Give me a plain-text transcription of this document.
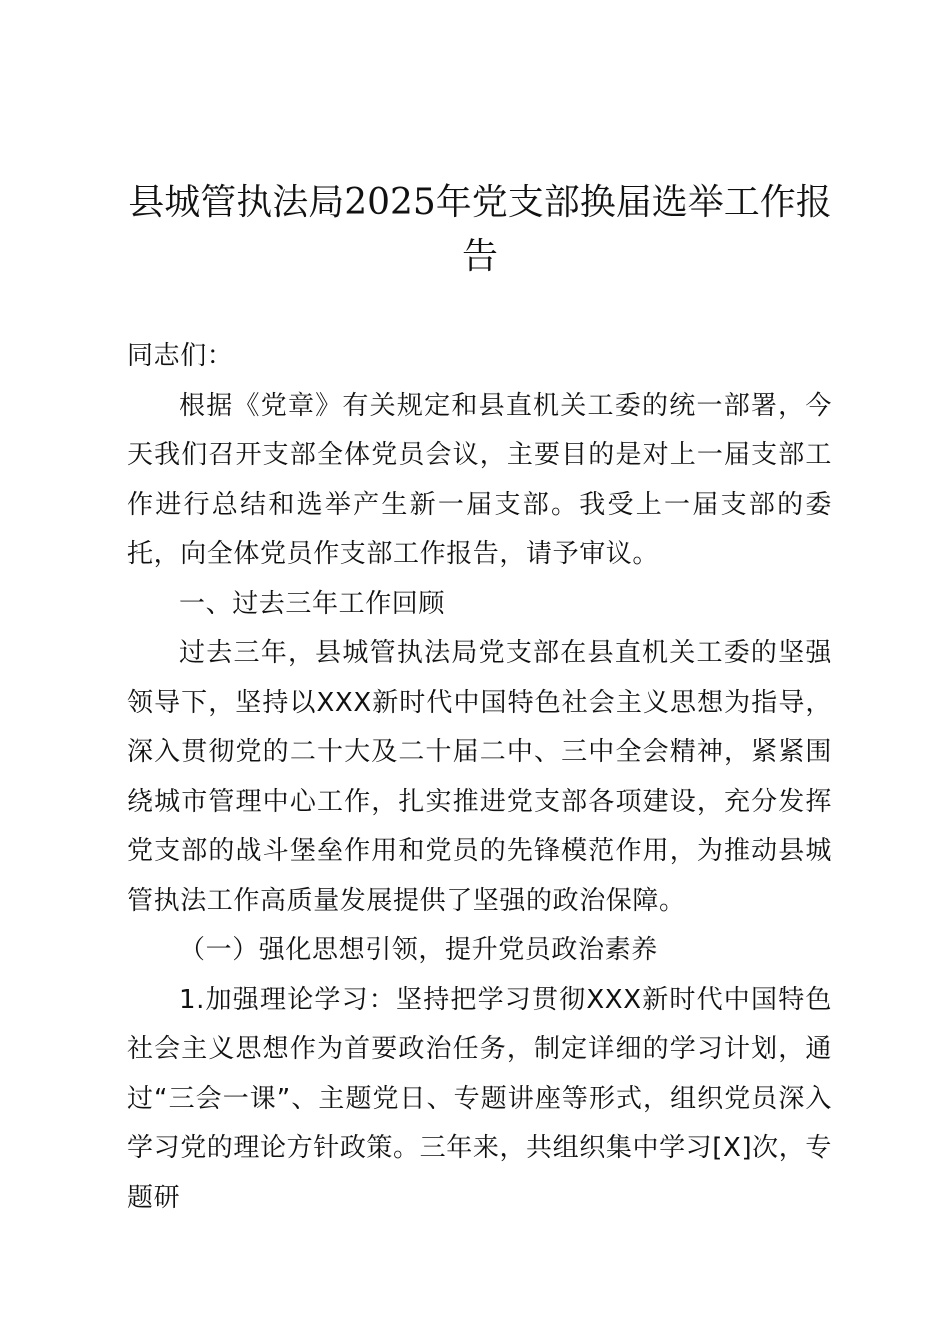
县城管执法局2025年党支部换届选举工作报告

同志们：

根据《党章》有关规定和县直机关工委的统一部署，今天我们召开支部全体党员会议，主要目的是对上一届支部工作进行总结和选举产生新一届支部。我受上一届支部的委托，向全体党员作支部工作报告，请予审议。

一、过去三年工作回顾

过去三年，县城管执法局党支部在县直机关工委的坚强领导下，坚持以XXX新时代中国特色社会主义思想为指导，深入贯彻党的二十大及二十届二中、三中全会精神，紧紧围绕城市管理中心工作，扎实推进党支部各项建设，充分发挥党支部的战斗堡垒作用和党员的先锋模范作用，为推动县城管执法工作高质量发展提供了坚强的政治保障。

（一）强化思想引领，提升党员政治素养

1.加强理论学习：坚持把学习贯彻XXX新时代中国特色社会主义思想作为首要政治任务，制定详细的学习计划，通过“三会一课”、主题党日、专题讲座等形式，组织党员深入学习党的理论方针政策。三年来，共组织集中学习[X]次，专题研
